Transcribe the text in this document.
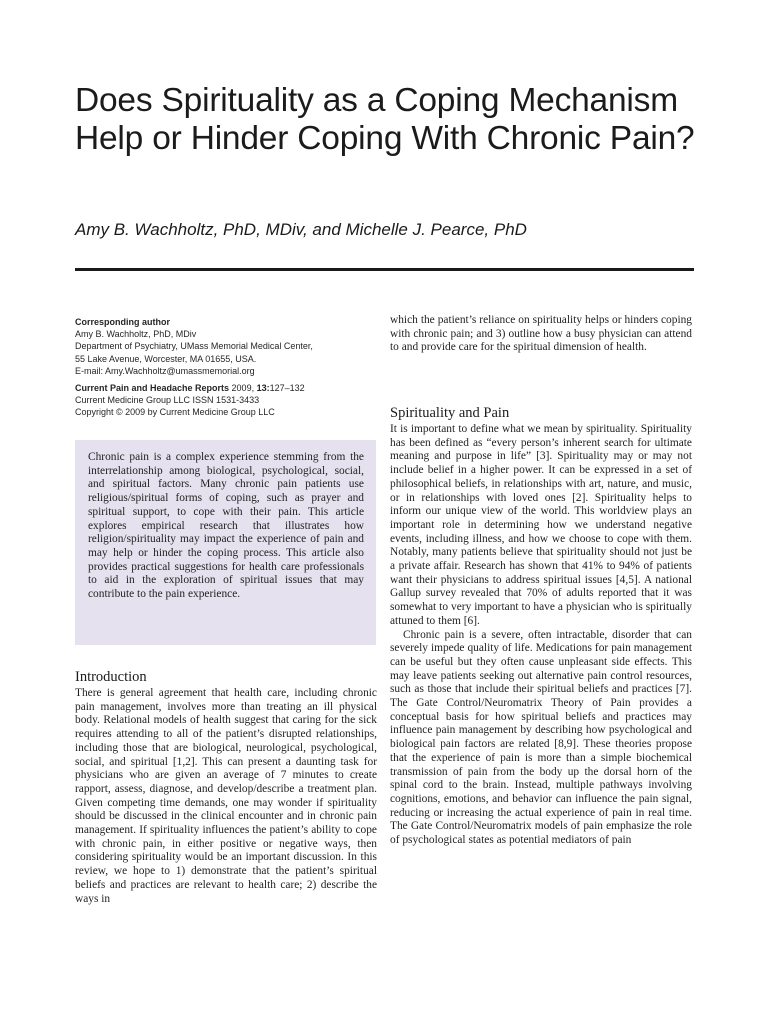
Does Spirituality as a Coping Mechanism Help or Hinder Coping With Chronic Pain?
Amy B. Wachholtz, PhD, MDiv, and Michelle J. Pearce, PhD
Corresponding author
Amy B. Wachholtz, PhD, MDiv
Department of Psychiatry, UMass Memorial Medical Center,
55 Lake Avenue, Worcester, MA 01655, USA.
E-mail: Amy.Wachholtz@umassmemorial.org
Current Pain and Headache Reports 2009, 13:127–132
Current Medicine Group LLC ISSN 1531-3433
Copyright © 2009 by Current Medicine Group LLC
Chronic pain is a complex experience stemming from the interrelationship among biological, psychological, social, and spiritual factors. Many chronic pain patients use religious/spiritual forms of coping, such as prayer and spiritual support, to cope with their pain. This article explores empirical research that illustrates how religion/spirituality may impact the experience of pain and may help or hinder the coping process. This article also provides practical suggestions for health care professionals to aid in the exploration of spiritual issues that may contribute to the pain experience.
Introduction

There is general agreement that health care, including chronic pain management, involves more than treating an ill physical body. Relational models of health suggest that caring for the sick requires attending to all of the patient’s disrupted relationships, including those that are biological, neurological, psychological, social, and spiritual [1,2]. This can present a daunting task for physicians who are given an average of 7 minutes to create rapport, assess, diagnose, and develop/describe a treatment plan. Given competing time demands, one may wonder if spirituality should be discussed in the clinical encounter and in chronic pain management. If spirituality influences the patient’s ability to cope with chronic pain, in either positive or negative ways, then considering spirituality would be an important discussion. In this review, we hope to 1) demonstrate that the patient’s spiritual beliefs and practices are relevant to health care; 2) describe the ways in

which the patient’s reliance on spirituality helps or hinders coping with chronic pain; and 3) outline how a busy physician can attend to and provide care for the spiritual dimension of health.

Spirituality and Pain

It is important to define what we mean by spirituality. Spirituality has been defined as “every person’s inherent search for ultimate meaning and purpose in life” [3]. Spirituality may or may not include belief in a higher power. It can be expressed in a set of philosophical beliefs, in relationships with art, nature, and music, or in relationships with loved ones [2]. Spirituality helps to inform our unique view of the world. This worldview plays an important role in determining how we understand negative events, including illness, and how we choose to cope with them. Notably, many patients believe that spirituality should not just be a private affair. Research has shown that 41% to 94% of patients want their physicians to address spiritual issues [4,5]. A national Gallup survey revealed that 70% of adults reported that it was somewhat to very important to have a physician who is spiritually attuned to them [6].

Chronic pain is a severe, often intractable, disorder that can severely impede quality of life. Medications for pain management can be useful but they often cause unpleasant side effects. This may leave patients seeking out alternative pain control resources, such as those that include their spiritual beliefs and practices [7]. The Gate Control/Neuromatrix Theory of Pain provides a conceptual basis for how spiritual beliefs and practices may influence pain management by describing how psychological and biological pain factors are related [8,9]. These theories propose that the experience of pain is more than a simple biochemical transmission of pain from the body up the dorsal horn of the spinal cord to the brain. Instead, multiple pathways involving cognitions, emotions, and behavior can influence the pain signal, reducing or increasing the actual experience of pain in real time. The Gate Control/Neuromatrix models of pain emphasize the role of psychological states as potential mediators of pain
